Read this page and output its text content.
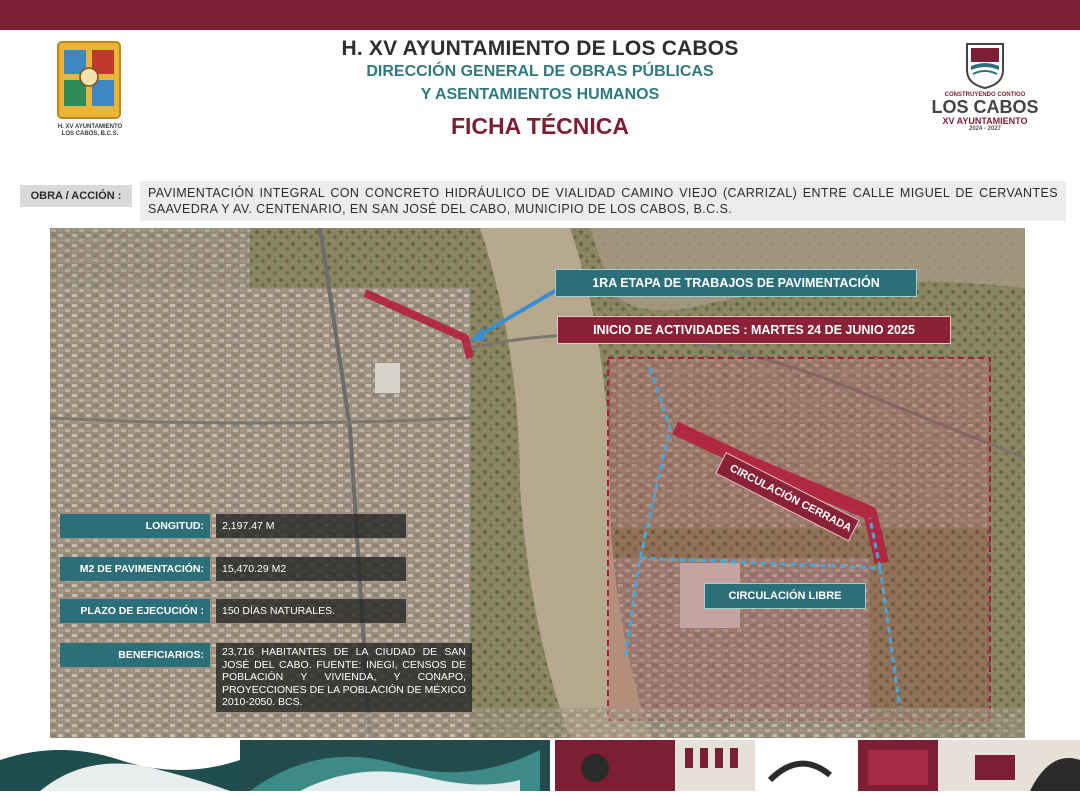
H. XV AYUNTAMIENTO
LOS CABOS, B.C.S.
H. XV AYUNTAMIENTO DE LOS CABOS
DIRECCIÓN GENERAL DE OBRAS PÚBLICAS
Y ASENTAMIENTOS HUMANOS
FICHA TÉCNICA
CONSTRUYENDO CONTIGO
LOS CABOS
XV AYUNTAMIENTO
2024 - 2027
OBRA / ACCIÓN :	PAVIMENTACIÓN INTEGRAL CON CONCRETO HIDRÁULICO DE VIALIDAD CAMINO VIEJO (CARRIZAL) ENTRE CALLE MIGUEL DE CERVANTES SAAVEDRA Y AV. CENTENARIO, EN SAN JOSÉ DEL CABO, MUNICIPIO DE LOS CABOS, B.C.S.
1RA ETAPA DE TRABAJOS DE PAVIMENTACIÓN
INICIO DE ACTIVIDADES : MARTES 24 DE JUNIO 2025
CIRCULACIÓN CERRADA
CIRCULACIÓN LIBRE
LONGITUD:	2,197.47 M
M2 DE PAVIMENTACIÓN:	15,470.29 M2
PLAZO DE EJECUCIÓN :	150 DÍAS NATURALES.
BENEFICIARIOS:	23,716 HABITANTES DE LA CIUDAD DE SAN JOSÉ DEL CABO. FUENTE: INEGI, CENSOS DE POBLACIÓN Y VIVIENDA, Y CONAPO, PROYECCIONES DE LA POBLACIÓN DE MÉXICO 2010-2050. BCS.
